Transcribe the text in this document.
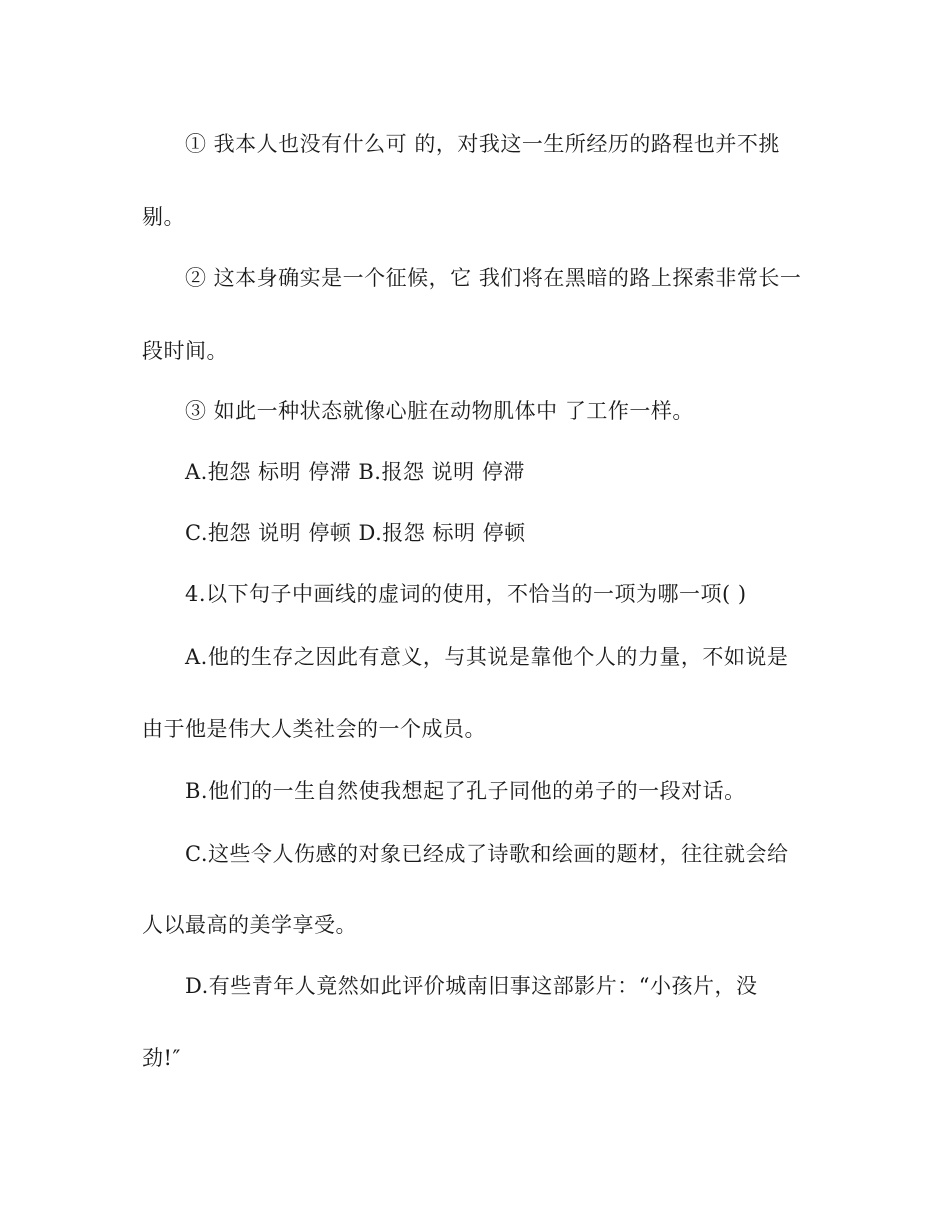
① 我本人也没有什么可 的，对我这一生所经历的路程也并不挑
剔。
② 这本身确实是一个征候，它 我们将在黑暗的路上探索非常长一
段时间。
③ 如此一种状态就像心脏在动物肌体中 了工作一样。
A.抱怨 标明 停滞 B.报怨 说明 停滞
C.抱怨 说明 停顿 D.报怨 标明 停顿
4.以下句子中画线的虚词的使用，不恰当的一项为哪一项( )
A.他的生存之因此有意义，与其说是靠他个人的力量，不如说是
由于他是伟大人类社会的一个成员。
B.他们的一生自然使我想起了孔子同他的弟子的一段对话。
C.这些令人伤感的对象已经成了诗歌和绘画的题材，往往就会给
人以最高的美学享受。
D.有些青年人竟然如此评价城南旧事这部影片：“小孩片，没
劲!″
